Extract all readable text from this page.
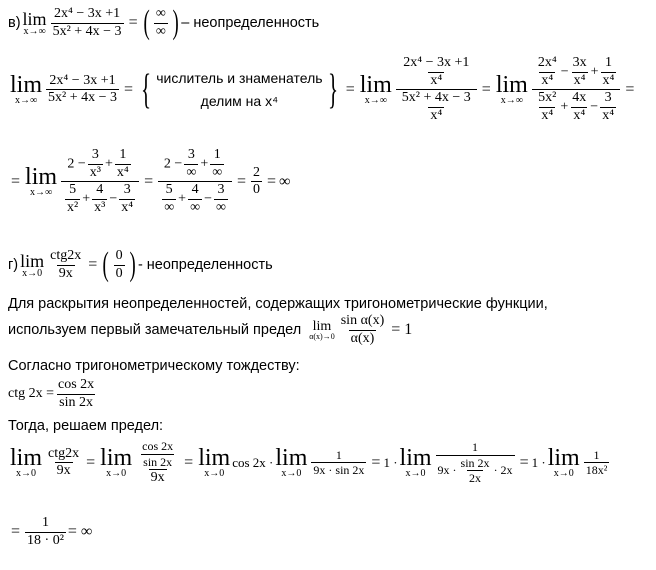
в) lim
$x\to\infty \frac{\text{2x⁴ − 3x +1}}{\text{5x² + 4x − 3}}$ = ( $\frac{\infty}{\infty}$ ) – неопределенность
lim
$x\to\infty \frac{\text{2x⁴ − 3x +1}}{\text{5x² + 4x − 3}}$ = { числитель и знаменатель
делим на x⁴ } = lim
$x\to\infty \frac{\frac{\text{2x⁴ − 3x +1}}{\text{x⁴}}}{\frac{\text{5x² + 4x − 3}}{\text{x⁴}}} = \lim$
$x\to\infty \frac{\frac{\text{2x⁴}}{\text{x⁴}} - \frac{3x}{\text{x⁴}} + \frac{1}{\text{x⁴}}}{\frac{\text{5x²}}{\text{x⁴}} + \frac{4x}{\text{x⁴}} - \frac{3}{\text{x⁴}}}$ =
= lim
$x\to\infty \frac{2 - \frac{3}{\text{x³}} + \frac{1}{\text{x⁴}}}{\frac{5}{\text{x²}} + \frac{4}{\text{x³}} - \frac{3}{\text{x⁴}}} = \frac{2 - \frac{3}{\infty} + \frac{1}{\infty}}{\frac{5}{\infty} + \frac{4}{\infty} - \frac{3}{\infty}} = \frac{2}{0}$ = ∞
г) lim
$x\to 0 \frac{\text{ctg2x}}{9x}$ = ( $\frac{0}{0}$ ) - неопределенность
Для раскрытия неопределенностей, содержащих тригонометрические функции,
используем первый замечательный предел lim
$\alpha(x)\to 0 \frac{\text{sin α(x)}}{\alpha(x)} = 1$
Согласно тригонометрическому тождеству:
ctg $2x = \frac{\cos 2x}{\sin 2x}$
Тогда, решаем предел:
lim
$x\to 0 \frac{\text{ctg2x}}{9x} = \lim$
$x\to 0 \frac{\frac{\cos 2x}{\sin 2x}}{9x} = \lim$
x→0
cos 2x · lim
$x\to 0 \frac{1}{9x \cdot \sin 2x} = 1 \cdot \lim$
$x\to 0 \frac{1}{9x \cdot \frac{\sin 2x}{2x} \cdot 2x} = 1 \cdot \lim$
$x\to 0 \frac{1}{\text{18x²}}$
= $\frac{1}{\text{18 · 0²}}$ = ∞
